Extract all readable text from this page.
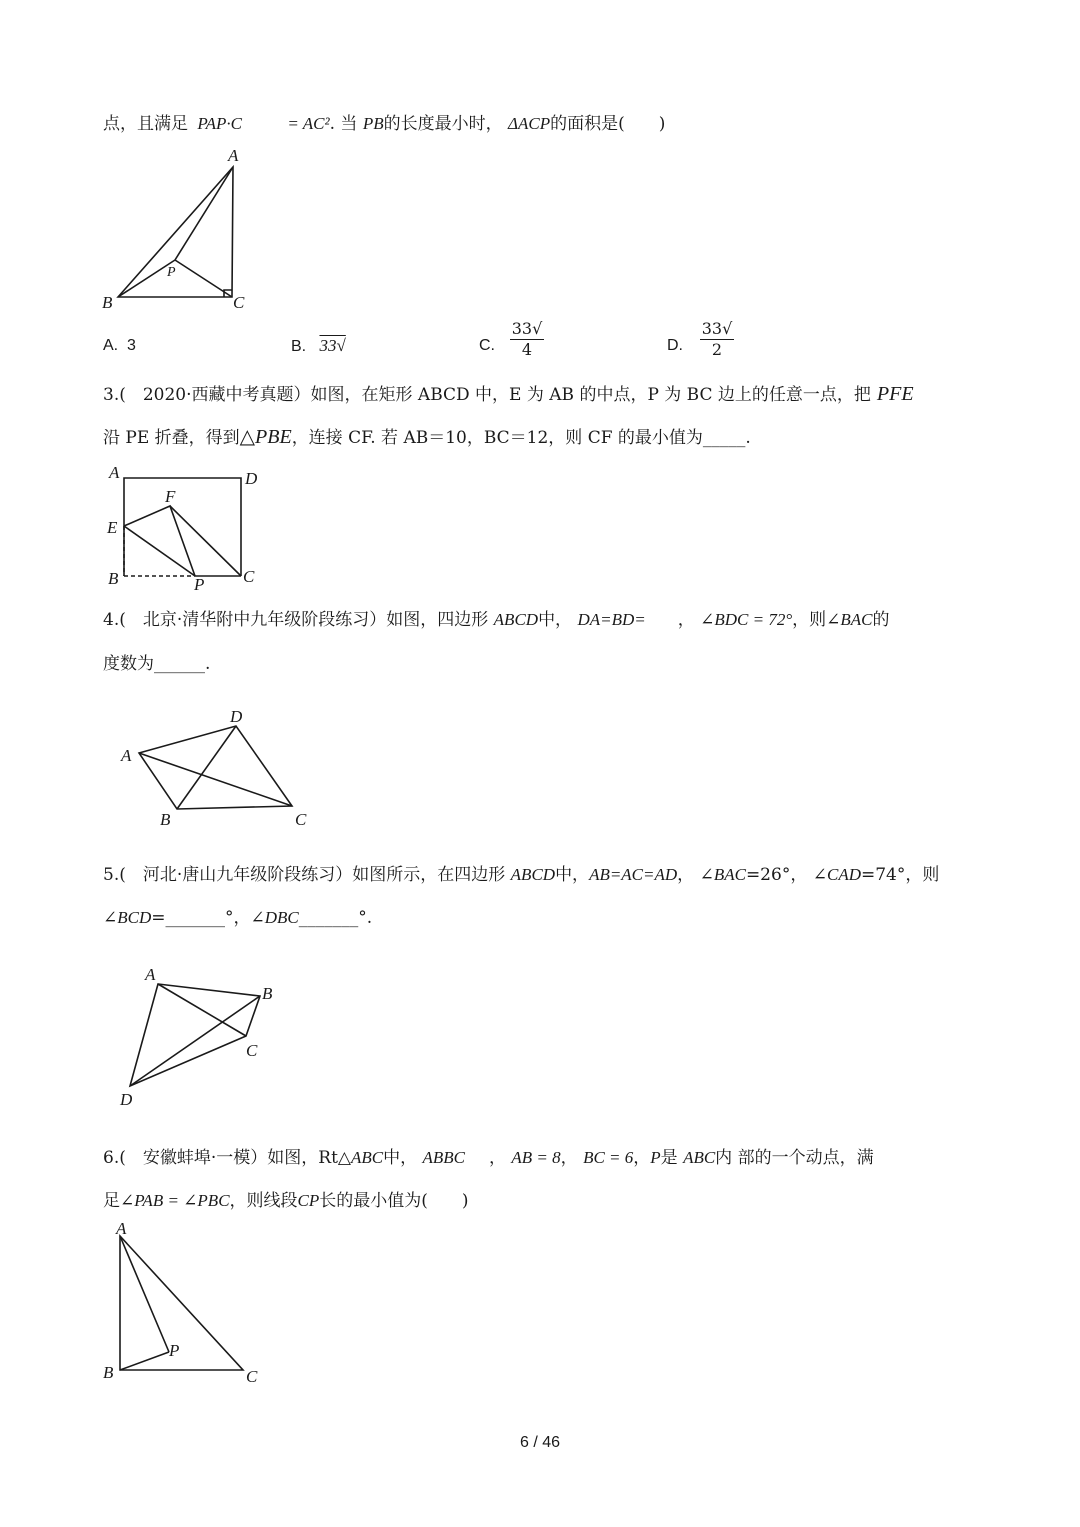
点，且满足 PAP·C	= AC². 当 PB的长度最小时， ΔACP的面积是(　　)
A
P
B	C
A. 3	B. 33√	C.
33√
4	D.
33√
2
3.(　2020·西藏中考真题）如图，在矩形 ABCD 中，E 为 AB 的中点，P 为 BC 边上的任意一点，把 PFE
沿 PE 折叠，得到△PBE，连接 CF. 若 AB＝10，BC＝12，则 CF 的最小值为_____.
A	D
F
E
B	P C
4.(　北京·清华附中九年级阶段练习）如图，四边形 ABCD中， DA=BD= ， ∠BDC = 72°，则∠BAC的
度数为______.
D
A
B	C
5.(　河北·唐山九年级阶段练习）如图所示，在四边形 ABCD中，AB=AC=AD， ∠BAC=26°， ∠CAD=74°，则
∠BCD=_______°，∠DBC_______°.
A
B
C
D
6.(　安徽蚌埠·一模）如图，Rt△ABC中， ABBC ， AB = 8， BC = 6，P是 ABC内 部的一个动点，满
足∠PAB = ∠PBC，则线段CP长的最小值为(　　)
A
P
B	C
6 / 46
